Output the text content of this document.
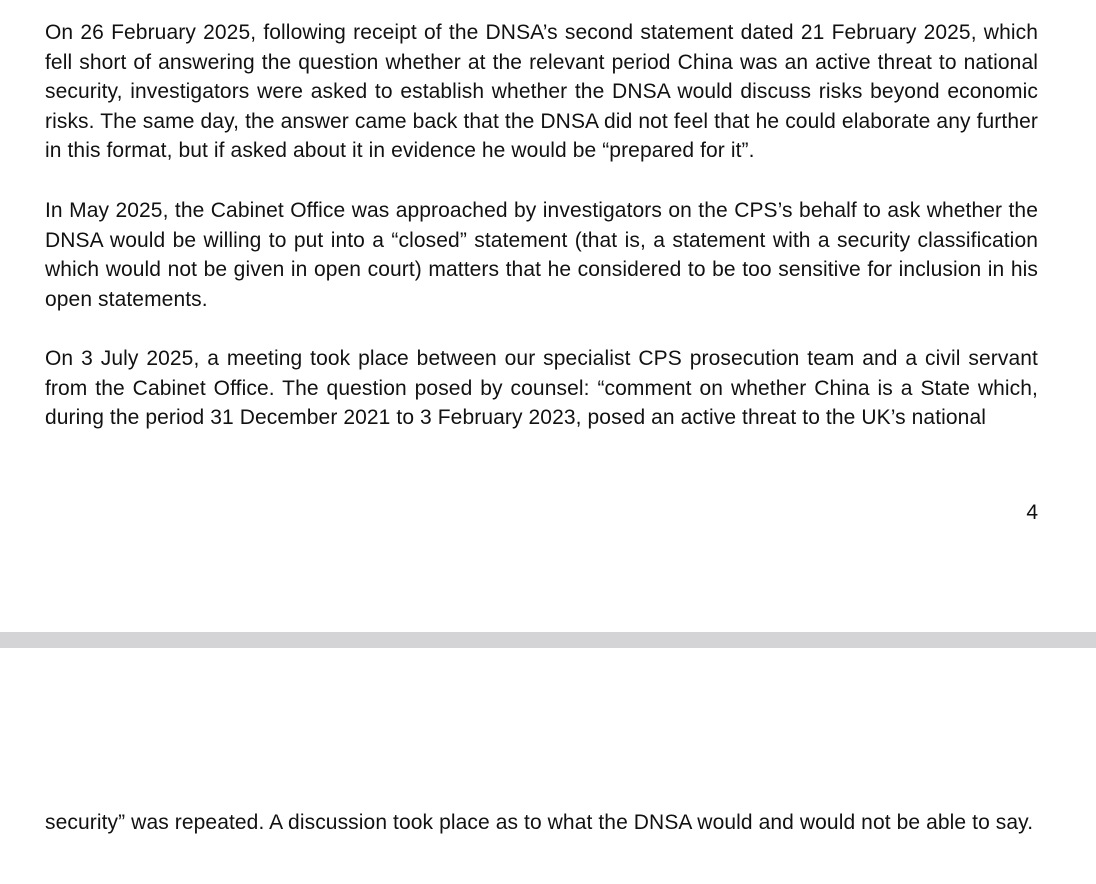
On 26 February 2025, following receipt of the DNSA’s second statement dated 21 February 2025, which fell short of answering the question whether at the relevant period China was an active threat to national security, investigators were asked to establish whether the DNSA would discuss risks beyond economic risks. The same day, the answer came back that the DNSA did not feel that he could elaborate any further in this format, but if asked about it in evidence he would be “prepared for it”.

In May 2025, the Cabinet Office was approached by investigators on the CPS’s behalf to ask whether the DNSA would be willing to put into a “closed” statement (that is, a statement with a security classification which would not be given in open court) matters that he considered to be too sensitive for inclusion in his open statements.

On 3 July 2025, a meeting took place between our specialist CPS prosecution team and a civil servant from the Cabinet Office. The question posed by counsel: “comment on whether China is a State which, during the period 31 December 2021 to 3 February 2023, posed an active threat to the UK’s national

4

security” was repeated. A discussion took place as to what the DNSA would and would not be able to say.
